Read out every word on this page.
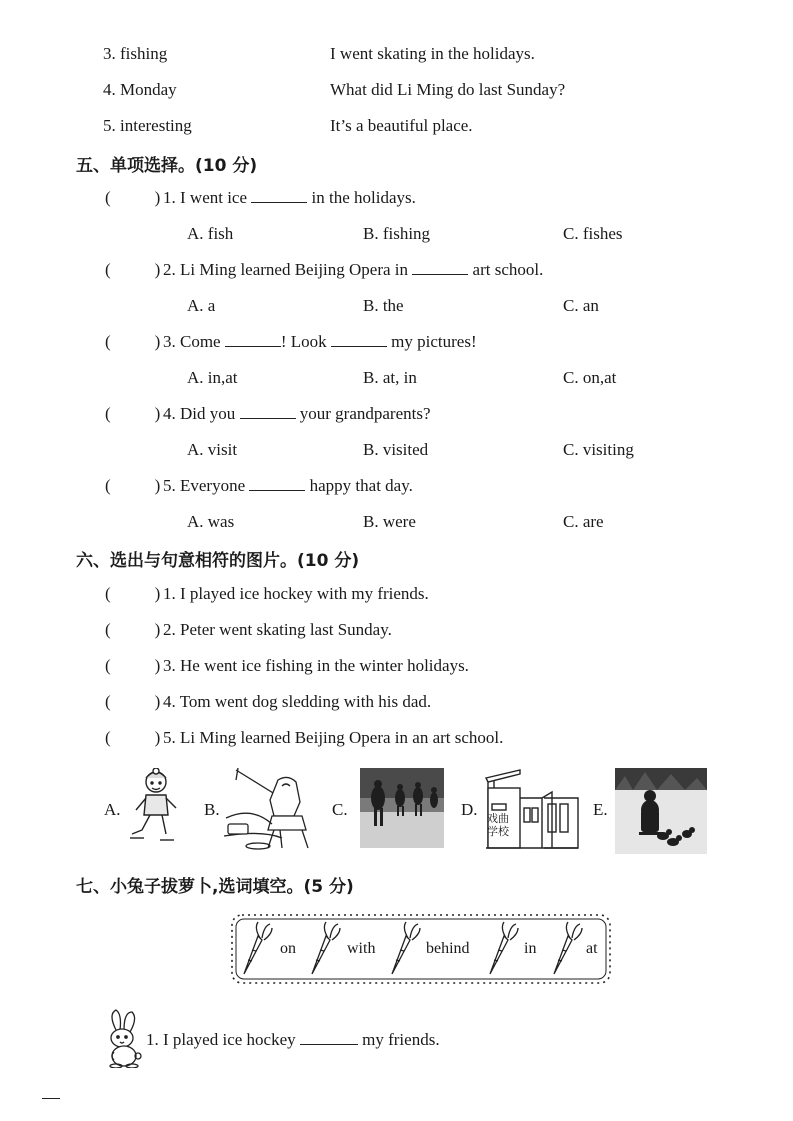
3. fishing	I went skating in the holidays.
4. Monday	What did Li Ming do last Sunday?
5. interesting	It’s a beautiful place.
五、单项选择。(10 分)
(	) 1. I went ice	in the holidays.
A. fish	B. fishing	C. fishes
(	) 2. Li Ming learned Beijing Opera in	art school.
A. a	B. the	C. an
(	) 3. Come	! Look	my pictures!
A. in,at	B. at, in	C. on,at
(	) 4. Did you	your grandparents?
A. visit	B. visited	C. visiting
(	) 5. Everyone	happy that day.
A. was	B. were	C. are
六、选出与句意相符的图片。(10 分)
(	) 1. I played ice hockey with my friends.
(	) 2. Peter went skating last Sunday.
(	) 3. He went ice fishing in the winter holidays.
(	) 4. Tom went dog sledding with his dad.
(	) 5. Li Ming learned Beijing Opera in an art school.
A.	B.	C.	D.	E.
戏曲
学校
七、小兔子拔萝卜,选词填空。(5 分)
on	with	behind	in	at
1. I played ice hockey	my friends.
